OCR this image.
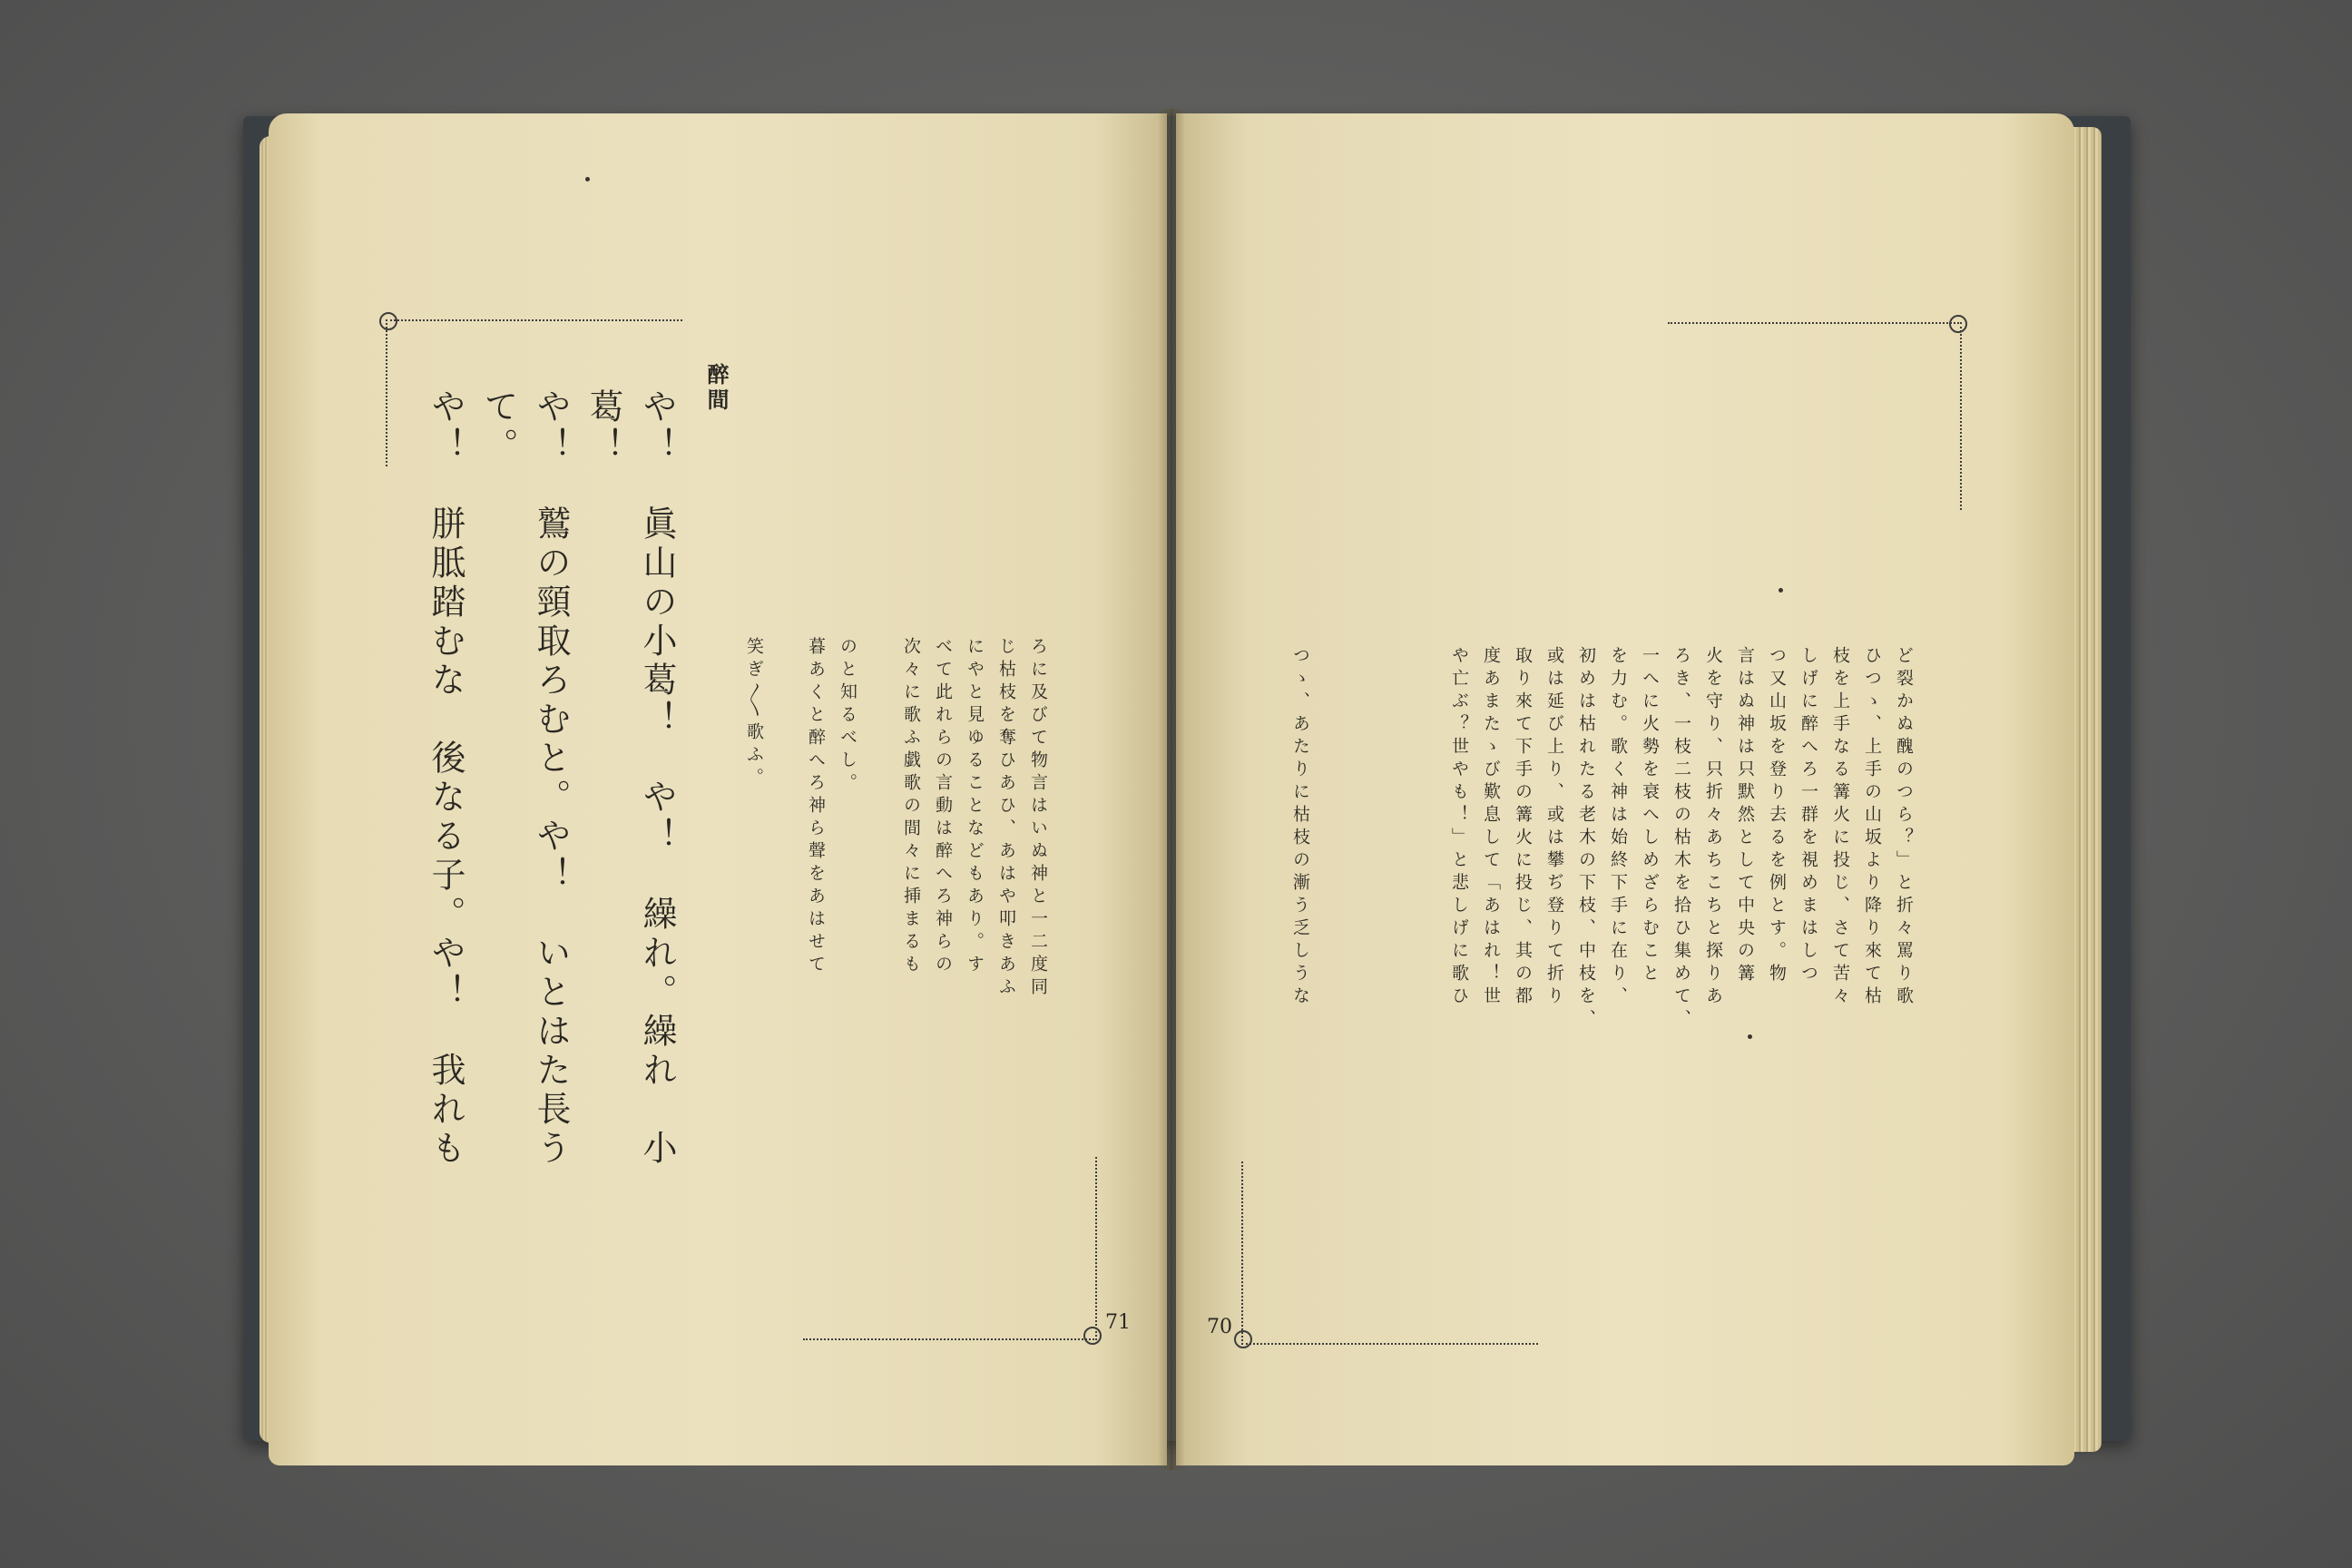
醉間
や！　眞山の小葛！　や！　繰れ。繰れ　小
葛！
や！　鷲の頸取ろむと。や！　いとはた長う
て。
や！　胼胝踏むな　後なる子。や！　我れも	ろに及びて物言はいぬ神と一二度同
じ枯枝を奪ひあひ、あはや叩きあふ
にやと見ゆることなどもあり。す
べて此れらの言動は醉へろ神らの
次々に歌ふ戯歌の間々に挿まるも
のと知るべし。
暮あくと醉へろ神ら聲をあはせて
笑ぎ〳〵歌ふ。
71
ど裂かぬ醜のつら？」と折々罵り歌
ひつゝ、上手の山坂より降り來て枯
枝を上手なる篝火に投じ、さて苦々
しげに醉へろ一群を視めまはしつ
つ又山坂を登り去るを例とす。物
言はぬ神は只默然として中央の篝
火を守り、只折々あちこちと探りあ
ろき、一枝二枝の枯木を拾ひ集めて、
一へに火勢を衰へしめざらむこと
を力む。歌く神は始終下手に在り、
初めは枯れたる老木の下枝、中枝を、
或は延び上り、或は攀ぢ登りて折り
取り來て下手の篝火に投じ、其の都
度あまたゝび歎息して「あはれ！世
や亡ぶ？世やも！」と悲しげに歌ひ
つゝ、あたりに枯枝の漸う乏しうな
70
